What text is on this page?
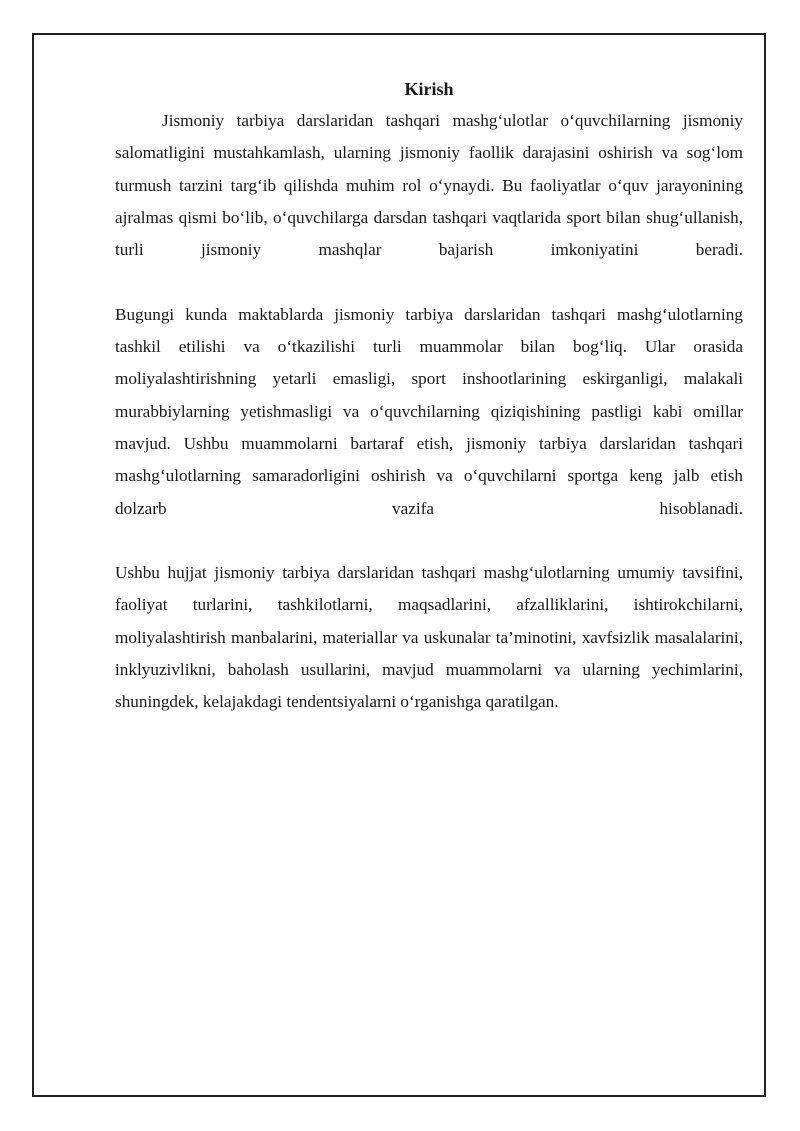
Kirish

Jismoniy tarbiya darslaridan tashqari mashg‘ulotlar o‘quvchilarning jismoniy salomatligini mustahkamlash, ularning jismoniy faollik darajasini oshirish va sog‘lom turmush tarzini targ‘ib qilishda muhim rol o‘ynaydi. Bu faoliyatlar o‘quv jarayonining ajralmas qismi bo‘lib, o‘quvchilarga darsdan tashqari vaqtlarida sport bilan shug‘ullanish, turli jismoniy mashqlar bajarish imkoniyatini beradi.

Bugungi kunda maktablarda jismoniy tarbiya darslaridan tashqari mashg‘ulotlarning tashkil etilishi va o‘tkazilishi turli muammolar bilan bog‘liq. Ular orasida moliyalashtirishning yetarli emasligi, sport inshootlarining eskirganligi, malakali murabbiylarning yetishmasligi va o‘quvchilarning qiziqishining pastligi kabi omillar mavjud. Ushbu muammolarni bartaraf etish, jismoniy tarbiya darslaridan tashqari mashg‘ulotlarning samaradorligini oshirish va o‘quvchilarni sportga keng jalb etish dolzarb vazifa hisoblanadi.

Ushbu hujjat jismoniy tarbiya darslaridan tashqari mashg‘ulotlarning umumiy tavsifini, faoliyat turlarini, tashkilotlarni, maqsadlarini, afzalliklarini, ishtirokchilarni, moliyalashtirish manbalarini, materiallar va uskunalar ta’minotini, xavfsizlik masalalarini, inklyuzivlikni, baholash usullarini, mavjud muammolarni va ularning yechimlarini, shuningdek, kelajakdagi tendentsiyalarni o‘rganishga qaratilgan.
